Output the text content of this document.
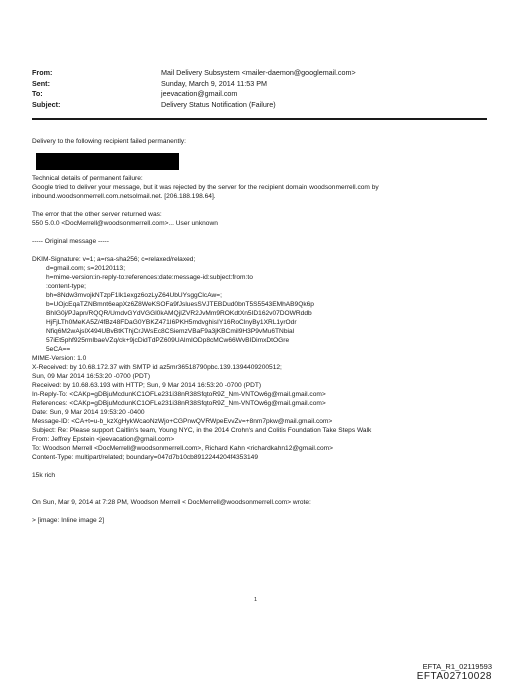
From:	Mail Delivery Subsystem <mailer-daemon@googlemail.com>
Sent:	Sunday, March 9, 2014 11:53 PM
To:	jeevacation@gmail.com
Subject:	Delivery Status Notification (Failure)
Delivery to the following recipient failed permanently:
Technical details of permanent failure:
Google tried to deliver your message, but it was rejected by the server for the recipient domain woodsonmerrell.com by
inbound.woodsonmerrell.com.netsolmail.net. [206.188.198.64].
The error that the other server returned was:
550 5.0.0 <DocMerrell@woodsonmerrell.com>... User unknown
----- Original message -----
DKIM-Signature: v=1; a=rsa-sha256; c=relaxed/relaxed;
d=gmail.com; s=20120113;
h=mime-version:in-reply-to:references:date:message-id:subject:from:to
:content-type;
bh=8Ndw3mvojkNTzpF1lk1exgz6ozLyZ64UbUYsggClcAw=;
b=UOjcEqaTZNBmnt6eapXz6Z8WeKSOFa9fJsluesSVJTEBDud0bnT5S5543EMhAB9Qk6p
BhIG0j/PJapn/RQQR/UmdvGYdVGGl0kAMQjIZVR2JvMm9ROKdtXn5ID162v07DOWRddb
HjFjLTh0MeKA5Z/4fBz48FDaG0YBKZ471I6PKH5mdvghisIY16RoClnyBy1XRL1yrOdr
Nfiq6M2wAjslX494UBvBtKThjCrJWsEc8CSiemzVBaF9a3jKBCmil9H3P9vMu6TNbial
57iEt5phf925rmlbaeVZq/ck+9jcDidTdPZ609UAlmIODp8cMCw66WvBIDimxDtOGre
5eCA==
MIME-Version: 1.0
X-Received: by 10.68.172.37 with SMTP id az5mr36518790pbc.139.1394409200512;
Sun, 09 Mar 2014 16:53:20 -0700 (PDT)
Received: by 10.68.63.193 with HTTP; Sun, 9 Mar 2014 16:53:20 -0700 (PDT)
In-Reply-To: <CAKp=gDBjuMcdunKC1OFLe231i38nR38SfqtoR9Z_Nm-VNTOw6g@mail.gmail.com>
References: <CAKp=gDBjuMcdunKC1OFLe231i38nR38SfqtoR9Z_Nm-VNTOw6g@mail.gmail.com>
Date: Sun, 9 Mar 2014 19:53:20 -0400
Message-ID: <CA+t=u-b_kzXgHykWcaoNzWjo+CGPnwQVRWpeEvvZv=+8nm7pkw@mail.gmail.com>
Subject: Re: Please support Caitlin's team, Young NYC, in the 2014 Crohn's and Colitis Foundation Take Steps Walk
From: Jeffrey Epstein <jeevacation@gmail.com>
To: Woodson Merrell <DocMerrell@woodsonmerrell.com>, Richard Kahn <richardkahn12@gmail.com>
Content-Type: multipart/related; boundary=047d7b10cb8912244204f4353149
15k rich
On Sun, Mar 9, 2014 at 7:28 PM, Woodson Merrell < DocMerrell@woodsonmerrell.com> wrote:
> [image: Inline image 2]
1
EFTA_R1_02119593
EFTA02710028
